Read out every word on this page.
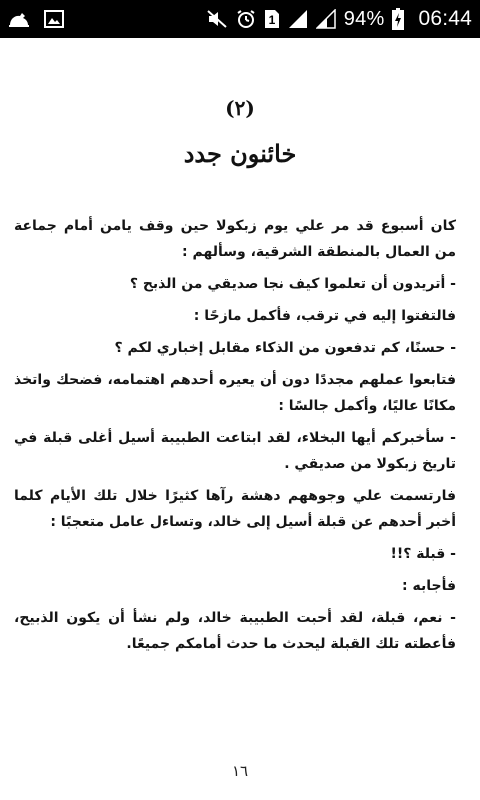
1	94% 06:44
(٢)
خائنون جدد

كان أسبوع قد مر علي يوم زبكولا حين وقف يامن أمام جماعة من العمال بالمنطقة الشرقية، وسألهم :

- أتريدون أن تعلموا كيف نجا صديقي من الذبح ؟

فالتفتوا إليه في ترقب، فأكمل مازحًا :

- حسنًا، كم تدفعون من الذكاء مقابل إخباري لكم ؟

فتابعوا عملهم مجددًا دون أن يعيره أحدهم اهتمامه، فضحك واتخذ مكانًا عاليًا، وأكمل جالسًا :

- سأخبركم أيها البخلاء، لقد ابتاعت الطبيبة أسيل أغلى قبلة في تاريخ زبكولا من صديقي .

فارتسمت علي وجوههم دهشة رآها كثيرًا خلال تلك الأيام كلما أخبر أحدهم عن قبلة أسيل إلى خالد، وتساءل عامل متعجبًا :

- قبلة ؟!!

فأجابه :

- نعم، قبلة، لقد أحبت الطبيبة خالد، ولم نشأ أن يكون الذبيح، فأعطته تلك القبلة ليحدث ما حدث أمامكم جميعًا.

١٦
